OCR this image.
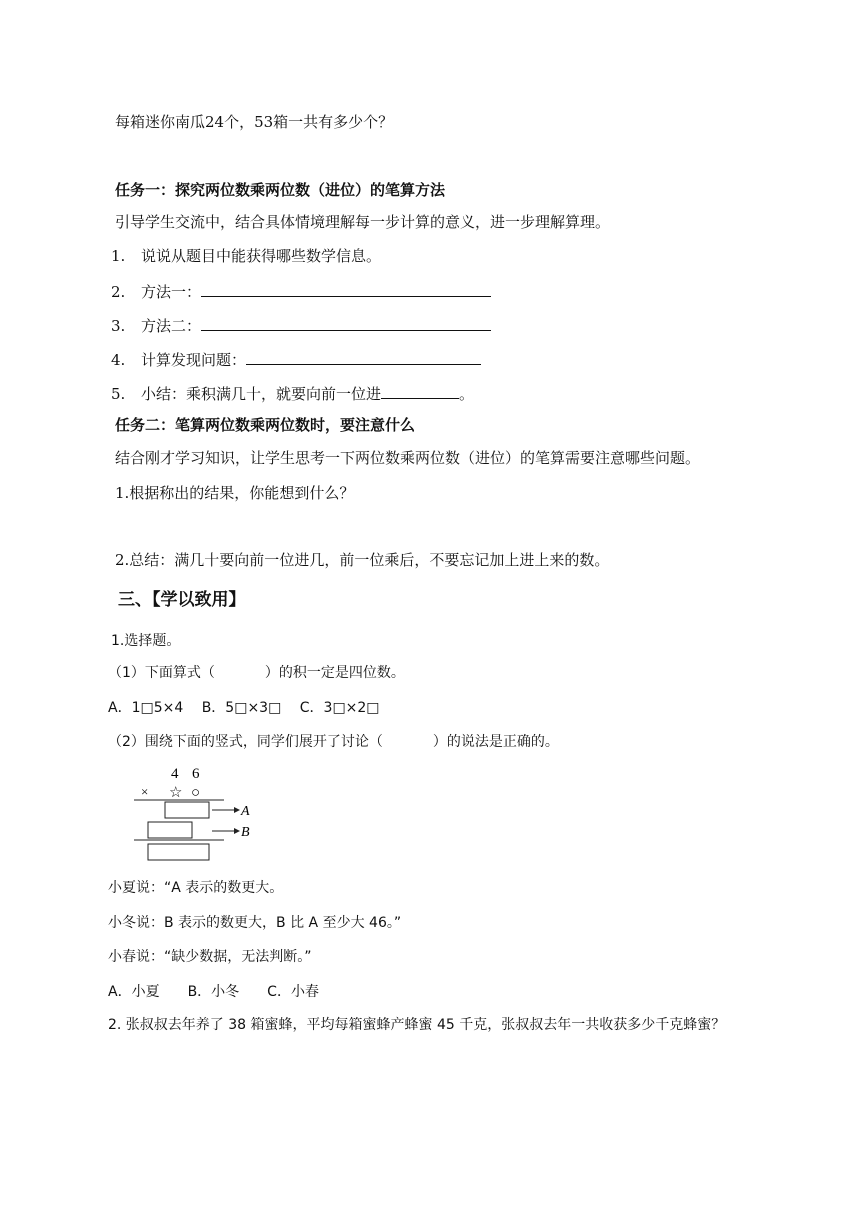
每箱迷你南瓜24个，53箱一共有多少个？
任务一：探究两位数乘两位数（进位）的笔算方法
引导学生交流中，结合具体情境理解每一步计算的意义，进一步理解算理。
1. 说说从题目中能获得哪些数学信息。
2. 方法一：
3. 方法二：
4. 计算发现问题：
5. 小结：乘积满几十，就要向前一位进	。
任务二：笔算两位数乘两位数时，要注意什么
结合刚才学习知识，让学生思考一下两位数乘两位数（进位）的笔算需要注意哪些问题。
1.根据称出的结果，你能想到什么？
2.总结：满几十要向前一位进几，前一位乘后，不要忘记加上进上来的数。
三、【学以致用】
1.选择题。
（1）下面算式（	）的积一定是四位数。
A．1□5×4　 B．5□×3□　 C．3□×2□
（2）围绕下面的竖式，同学们展开了讨论（	）的说法是正确的。
4 6
× ☆ ○
A
B
小夏说：“A 表示的数更大。
小冬说：B 表示的数更大，B 比 A 至少大 46。”
小春说：“缺少数据，无法判断。”
A．小夏　　B．小冬　　C．小春
2. 张叔叔去年养了 38 箱蜜蜂，平均每箱蜜蜂产蜂蜜 45 千克，张叔叔去年一共收获多少千克蜂蜜？
